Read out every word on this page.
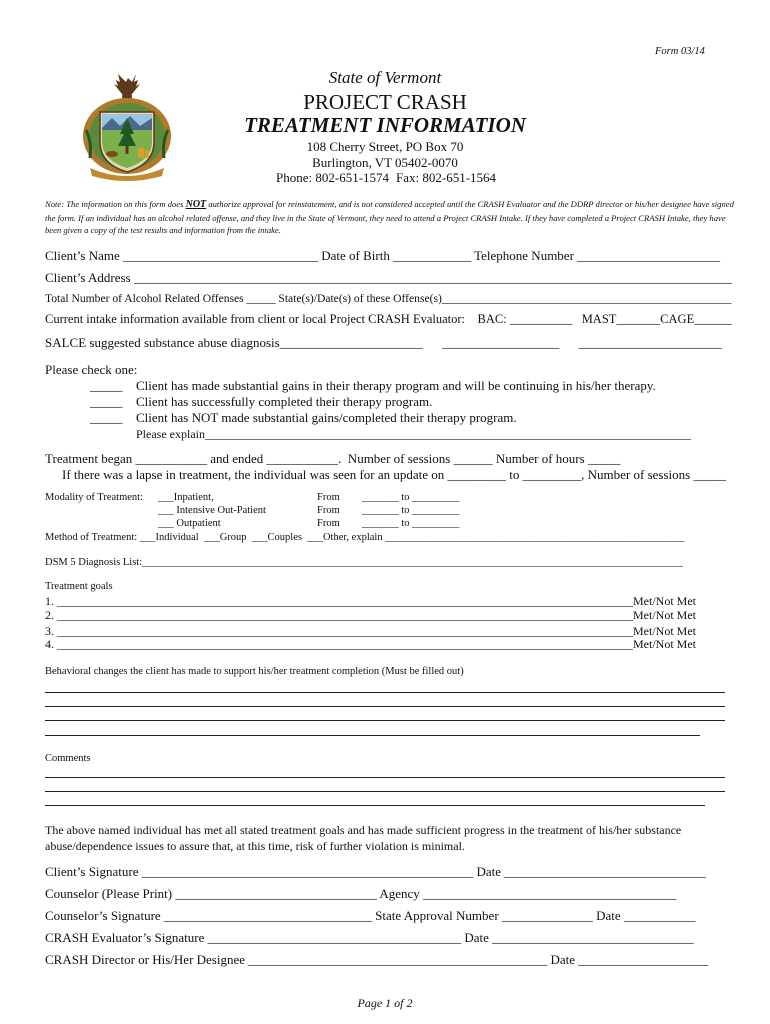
Form 03/14
State of Vermont
PROJECT CRASH
TREATMENT INFORMATION
108 Cherry Street, PO Box 70
Burlington, VT 05402-0070
Phone: 802-651-1574 Fax: 802-651-1564
Note: The information on this form does NOT authorize approval for reinstatement, and is not considered accepted until the CRASH Evaluator and the DDRP director or his/her designee have signed the form. If an individual has an alcohol related offense, and they live in the State of Vermont, they need to attend a Project CRASH Intake. If they have completed a Project CRASH Intake, they have been given a copy of the test results and information from the intake.
Client’s Name ______________________________ Date of Birth ____________ Telephone Number ______________________
Client’s Address ____________________________________________________________________________________________
Total Number of Alcohol Related Offenses _____ State(s)/Date(s) of these Offense(s)__________________________________________________
Current intake information available from client or local Project CRASH Evaluator:    BAC: __________   MAST_______CAGE______
SALCE suggested substance abuse diagnosis______________________      __________________      ______________________
Please check one:
_____ Client has made substantial gains in their therapy program and will be continuing in his/her therapy.
_____ Client has successfully completed their therapy program.
_____ Client has NOT made substantial gains/completed their therapy program.
Please explain_________________________________________________________________________________
Treatment began ___________ and ended ___________.  Number of sessions ______ Number of hours _____
If there was a lapse in treatment, the individual was seen for an update on _________ to _________, Number of sessions _____
Modality of Treatment: ___Inpatient,
___ Intensive Out-Patient
___ Outpatient
From
From
From
_______ to _________
_______ to _________
_______ to _________
Method of Treatment: ___Individual  ___Group  ___Couples  ___Other, explain _________________________________________________________
DSM 5 Diagnosis List:_______________________________________________________________________________________________________
Treatment goals
1. ________________________________________________________________________________________________Met/Not Met
2. ________________________________________________________________________________________________Met/Not Met
3. ________________________________________________________________________________________________Met/Not Met
4. ________________________________________________________________________________________________Met/Not Met
Behavioral changes the client has made to support his/her treatment completion (Must be filled out)
Comments
The above named individual has met all stated treatment goals and has made sufficient progress in the treatment of his/her substance
abuse/dependence issues to assure that, at this time, risk of further violation is minimal.
Client’s Signature ___________________________________________________ Date _______________________________
Counselor (Please Print) _______________________________ Agency _______________________________________
Counselor’s Signature ________________________________ State Approval Number ______________ Date ___________
CRASH Evaluator’s Signature _______________________________________ Date _______________________________
CRASH Director or His/Her Designee ______________________________________________ Date ____________________
Page 1 of 2
